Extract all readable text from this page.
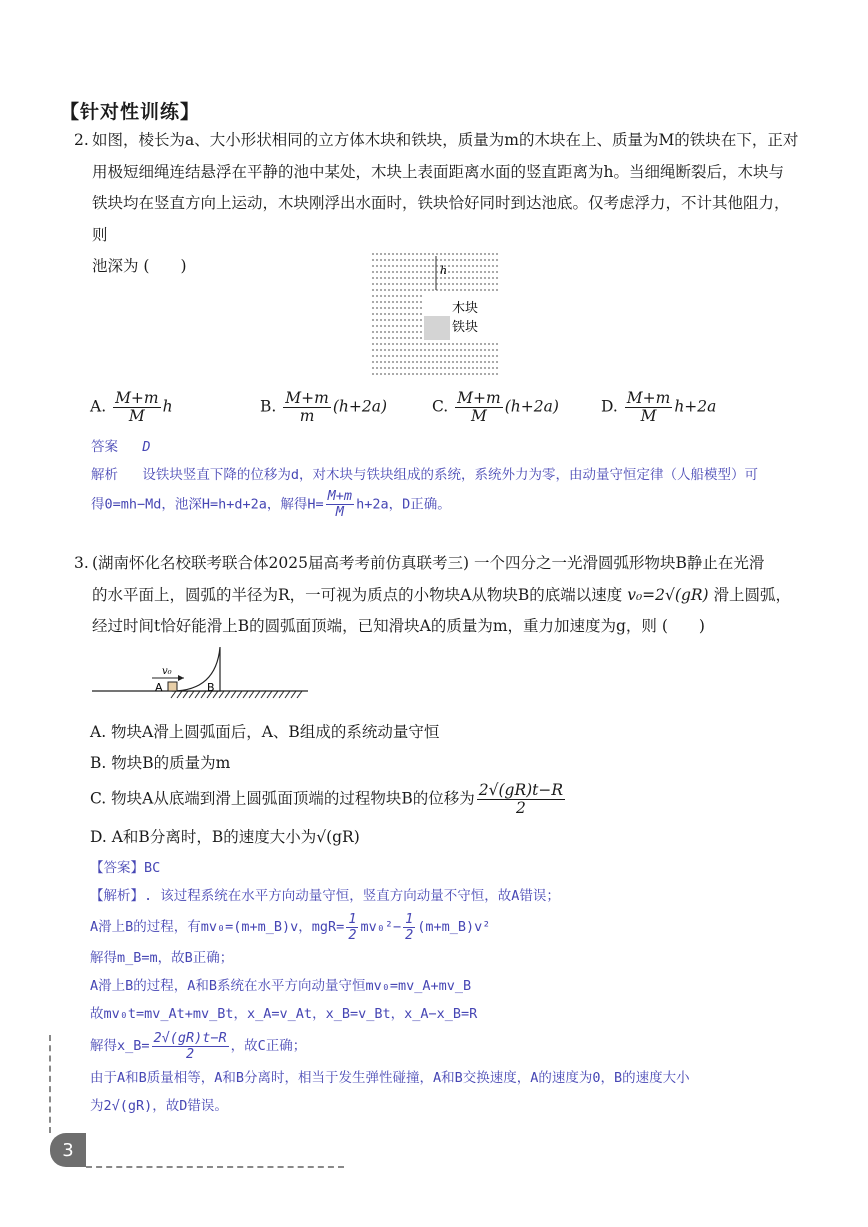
【针对性训练】
2. 如图，棱长为a、大小形状相同的立方体木块和铁块，质量为m的木块在上、质量为M的铁块在下，正对
用极短细绳连结悬浮在平静的池中某处，木块上表面距离水面的竖直距离为h。当细绳断裂后，木块与
铁块均在竖直方向上运动，木块刚浮出水面时，铁块恰好同时到达池底。仅考虑浮力，不计其他阻力，则
池深为 (　　)	h
木块
铁块
A. $\frac{M+m}{M}$ h	B. $\frac{M+m}{m} (h+2a)$	C. $\frac{M+m}{M} (h+2a)$	D. $\frac{M+m}{M} h+2a$
答案 D
解析 设铁块竖直下降的位移为d，对木块与铁块组成的系统，系统外力为零，由动量守恒定律（人船模型）可
得0=mh−Md，池深H=h+d+2a，解得$H= \frac{M+m}{M} h+2a$，D正确。
3. (湖南怀化名校联考联合体2025届高考考前仿真联考三) 一个四分之一光滑圆弧形物块B静止在光滑
的水平面上，圆弧的半径为R，一可视为质点的小物块A从物块B的底端以速度 v₀=2√(gR) 滑上圆弧，
经过时间t恰好能滑上B的圆弧面顶端，已知滑块A的质量为m，重力加速度为g，则 (　　)
v₀
A	B
A. 物块A滑上圆弧面后，A、B组成的系统动量守恒
B. 物块B的质量为m
C. 物块A从底端到滑上圆弧面顶端的过程物块B的位移为 $\frac{2√(gR)t-R}{2}$
D. A和B分离时，B的速度大小为√(gR)
【答案】BC
【解析】. 该过程系统在水平方向动量守恒，竖直方向动量不守恒，故A错误；
A滑上B的过程，有mv₀=(m+m_B)v，$mgR= \frac{1}{2} mv_0^2- \frac{1}{2}$ (m+m_B)v²
解得m_B=m，故B正确；
A滑上B的过程，A和B系统在水平方向动量守恒mv₀=mv_A+mv_B
故mv₀t=mv_At+mv_Bt，x_A=v_At，x_B=v_Bt，x_A−x_B=R
解得x_B= $\frac{2√(gR)t-R}{2}$ ，故C正确；
由于A和B质量相等，A和B分离时，相当于发生弹性碰撞，A和B交换速度，A的速度为0，B的速度大小
为2√(gR)，故D错误。
3
